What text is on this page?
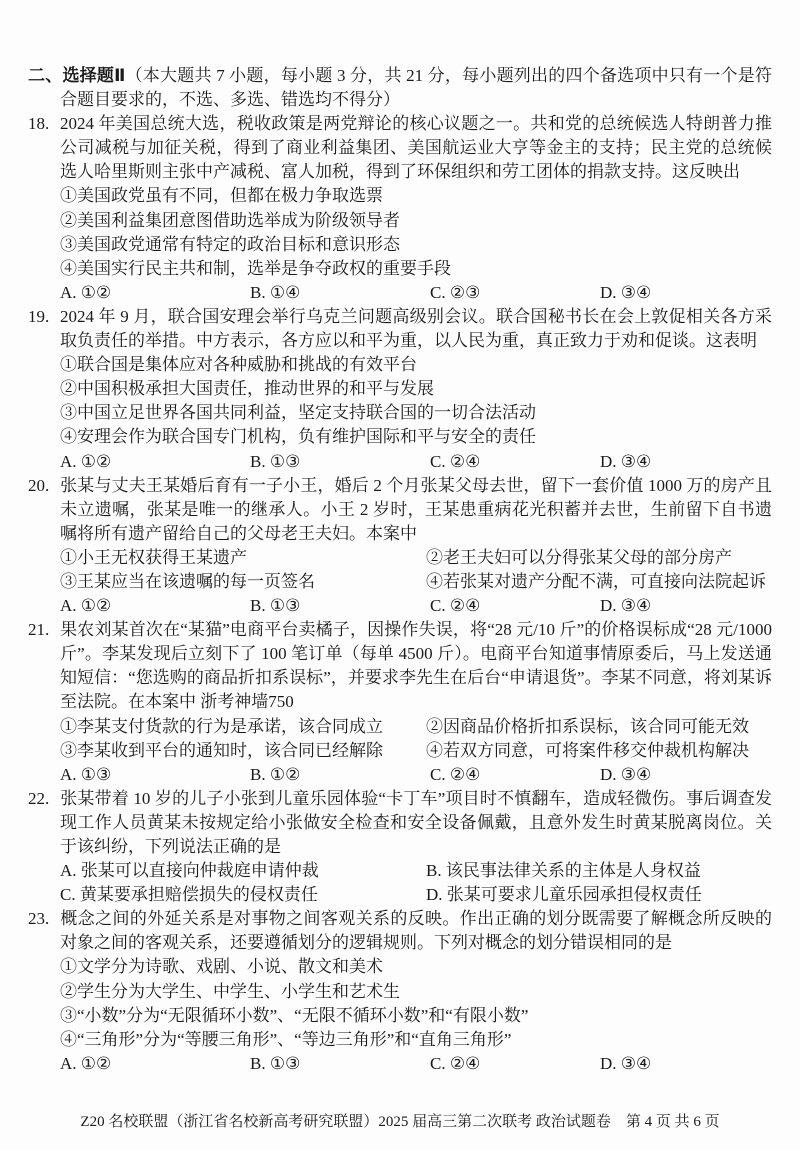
二、选择题Ⅱ（本大题共 7 小题，每小题 3 分，共 21 分，每小题列出的四个备选项中只有一个是符合题目要求的，不选、多选、错选均不得分）

18. 2024 年美国总统大选，税收政策是两党辩论的核心议题之一。共和党的总统候选人特朗普力推公司减税与加征关税，得到了商业利益集团、美国航运业大亨等金主的支持；民主党的总统候选人哈里斯则主张中产减税、富人加税，得到了环保组织和劳工团体的捐款支持。这反映出

①美国政党虽有不同，但都在极力争取选票

②美国利益集团意图借助选举成为阶级领导者

③美国政党通常有特定的政治目标和意识形态

④美国实行民主共和制，选举是争夺政权的重要手段

A. ①②	B. ①④	C. ②③	D. ③④

19. 2024 年 9 月，联合国安理会举行乌克兰问题高级别会议。联合国秘书长在会上敦促相关各方采取负责任的举措。中方表示，各方应以和平为重，以人民为重，真正致力于劝和促谈。这表明

①联合国是集体应对各种威胁和挑战的有效平台

②中国积极承担大国责任，推动世界的和平与发展

③中国立足世界各国共同利益，坚定支持联合国的一切合法活动

④安理会作为联合国专门机构，负有维护国际和平与安全的责任

A. ①②	B. ①③	C. ②④	D. ③④

20. 张某与丈夫王某婚后育有一子小王，婚后 2 个月张某父母去世，留下一套价值 1000 万的房产且未立遗嘱，张某是唯一的继承人。小王 2 岁时，王某患重病花光积蓄并去世，生前留下自书遗嘱将所有遗产留给自己的父母老王夫妇。本案中

①小王无权获得王某遗产	②老王夫妇可以分得张某父母的部分房产
③王某应当在该遗嘱的每一页签名	④若张某对遗产分配不满，可直接向法院起诉
A. ①②	B. ①③	C. ②④	D. ③④

21. 果农刘某首次在“某猫”电商平台卖橘子，因操作失误，将“28 元/10 斤”的价格误标成“28 元/1000 斤”。李某发现后立刻下了 100 笔订单（每单 4500 斤）。电商平台知道事情原委后，马上发送通知短信：“您选购的商品折扣系误标”，并要求李先生在后台“申请退货”。李某不同意，将刘某诉至法院。在本案中 浙考神墙750

①李某支付货款的行为是承诺，该合同成立	②因商品价格折扣系误标，该合同可能无效
③李某收到平台的通知时，该合同已经解除	④若双方同意，可将案件移交仲裁机构解决
A. ①③	B. ①②	C. ②④	D. ③④

22. 张某带着 10 岁的儿子小张到儿童乐园体验“卡丁车”项目时不慎翻车，造成轻微伤。事后调查发现工作人员黄某未按规定给小张做安全检查和安全设备佩戴，且意外发生时黄某脱离岗位。关于该纠纷，下列说法正确的是

A. 张某可以直接向仲裁庭申请仲裁	B. 该民事法律关系的主体是人身权益
C. 黄某要承担赔偿损失的侵权责任	D. 张某可要求儿童乐园承担侵权责任

23. 概念之间的外延关系是对事物之间客观关系的反映。作出正确的划分既需要了解概念所反映的对象之间的客观关系，还要遵循划分的逻辑规则。下列对概念的划分错误相同的是

①文学分为诗歌、戏剧、小说、散文和美术

②学生分为大学生、中学生、小学生和艺术生

③“小数”分为“无限循环小数”、“无限不循环小数”和“有限小数”

④“三角形”分为“等腰三角形”、“等边三角形”和“直角三角形”

A. ①②	B. ①③	C. ②④	D. ③④
Z20 名校联盟（浙江省名校新高考研究联盟）2025 届高三第二次联考 政治试题卷　第 4 页 共 6 页
